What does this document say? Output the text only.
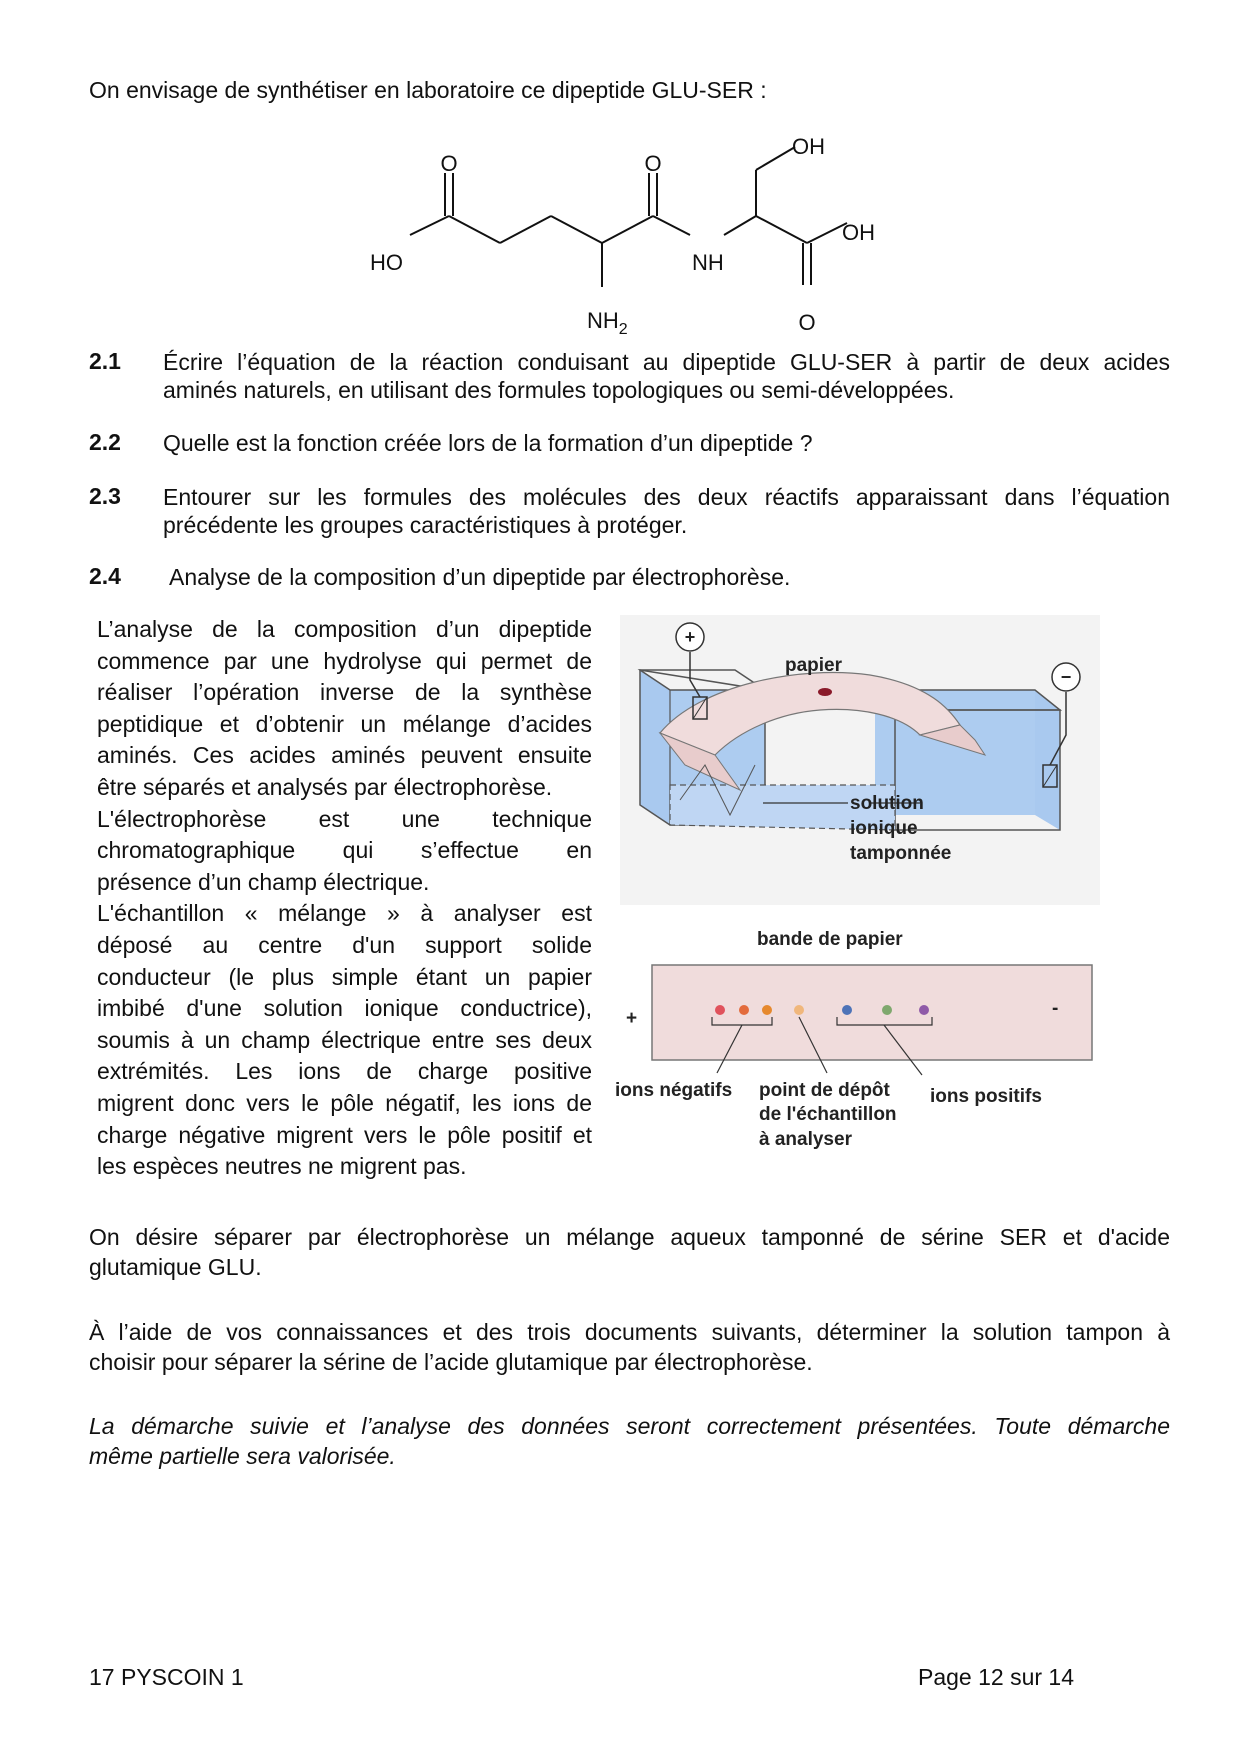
On envisage de synthétiser en laboratoire ce dipeptide GLU-SER :
O	O
O
OH
OH
HO	NH
$NH_2$
2.1 Écrire l’équation de la réaction conduisant au dipeptide GLU-SER à partir de deux acides
aminés naturels, en utilisant des formules topologiques ou semi-développées.
2.2 Quelle est la fonction créée lors de la formation d’un dipeptide ?
2.3 Entourer sur les formules des molécules des deux réactifs apparaissant dans l’équation
précédente les groupes caractéristiques à protéger.
2.4 Analyse de la composition d’un dipeptide par électrophorèse.
L’analyse de la composition d’un dipeptide
commence par une hydrolyse qui permet de
réaliser l’opération inverse de la synthèse
peptidique et d’obtenir un mélange d’acides
aminés. Ces acides aminés peuvent ensuite
être séparés et analysés par électrophorèse.
L'électrophorèse est une technique
chromatographique qui s’effectue en
présence d’un champ électrique.
L'échantillon « mélange » à analyser est
déposé au centre d'un support solide
conducteur (le plus simple étant un papier
imbibé d'une solution ionique conductrice),
soumis à un champ électrique entre ses deux
extrémités. Les ions de charge positive
migrent donc vers le pôle négatif, les ions de
charge négative migrent vers le pôle positif et
les espèces neutres ne migrent pas.
+
−
papier
solution
ionique
tamponnée
bande de papier
+	-
ions négatifs point de dépôt
de l'échantillon
à analyser
ions positifs
On désire séparer par électrophorèse un mélange aqueux tamponné de sérine SER et d'acide
glutamique GLU.
À l’aide de vos connaissances et des trois documents suivants, déterminer la solution tampon à
choisir pour séparer la sérine de l’acide glutamique par électrophorèse.
La démarche suivie et l’analyse des données seront correctement présentées. Toute démarche
même partielle sera valorisée.
17 PYSCOIN 1	Page 12 sur 14
